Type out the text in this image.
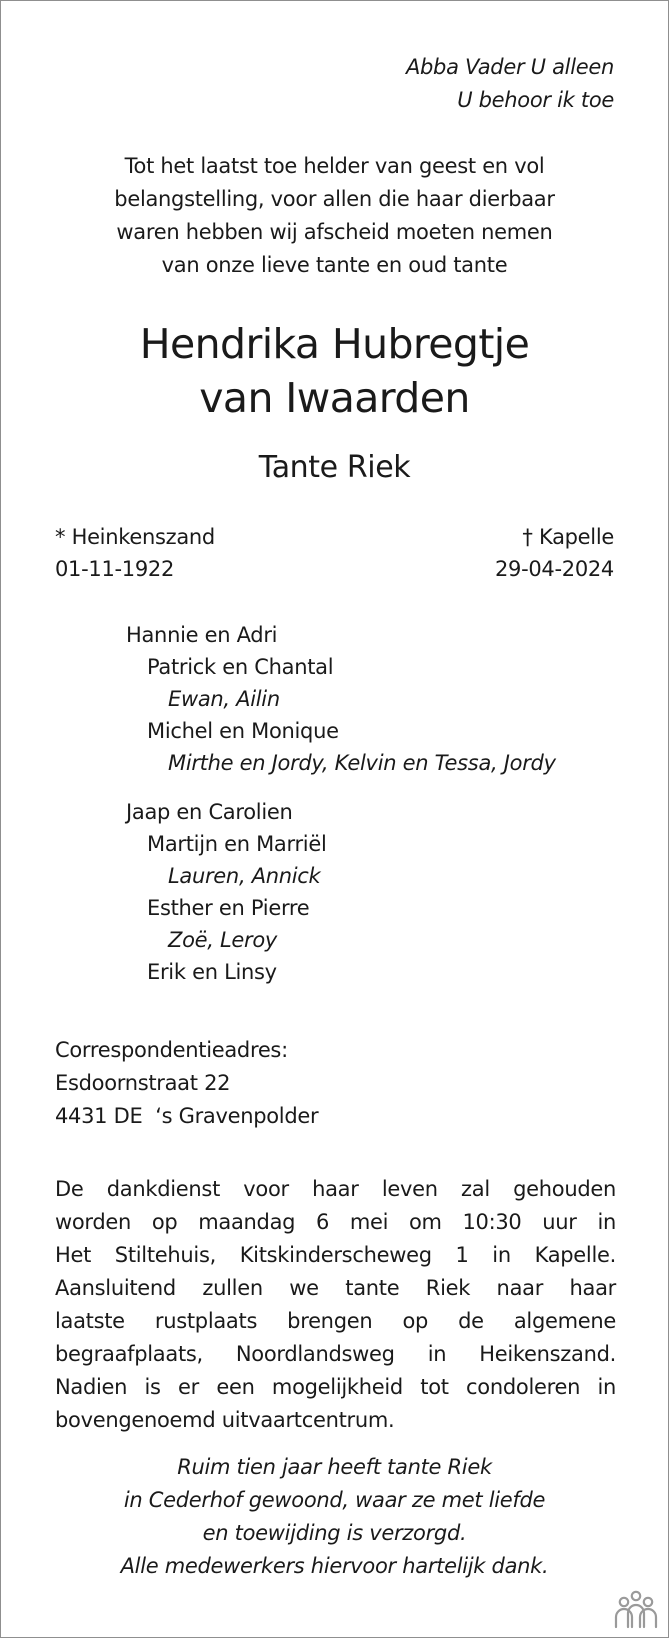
Abba Vader U alleen
U behoor ik toe
Tot het laatst toe helder van geest en vol
belangstelling, voor allen die haar dierbaar
waren hebben wij afscheid moeten nemen
van onze lieve tante en oud tante
Hendrika Hubregtje
van Iwaarden
Tante Riek
* Heinkenszand
01-11-1922
† Kapelle
29-04-2024
Hannie en Adri
Patrick en Chantal
Ewan, Ailin
Michel en Monique
Mirthe en Jordy, Kelvin en Tessa, Jordy
Jaap en Carolien
Martijn en Marriël
Lauren, Annick
Esther en Pierre
Zoë, Leroy
Erik en Linsy
Correspondentieadres:
Esdoornstraat 22
4431 DE  ‘s Gravenpolder
De dankdienst voor haar leven zal gehouden
worden op maandag 6 mei om 10:30 uur in
Het Stiltehuis, Kitskinderscheweg 1 in Kapelle.
Aansluitend zullen we tante Riek naar haar
laatste rustplaats brengen op de algemene
begraafplaats, Noordlandsweg in Heikenszand.
Nadien is er een mogelijkheid tot condoleren in
bovengenoemd uitvaartcentrum.
Ruim tien jaar heeft tante Riek
in Cederhof gewoond, waar ze met liefde
en toewijding is verzorgd.
Alle medewerkers hiervoor hartelijk dank.
